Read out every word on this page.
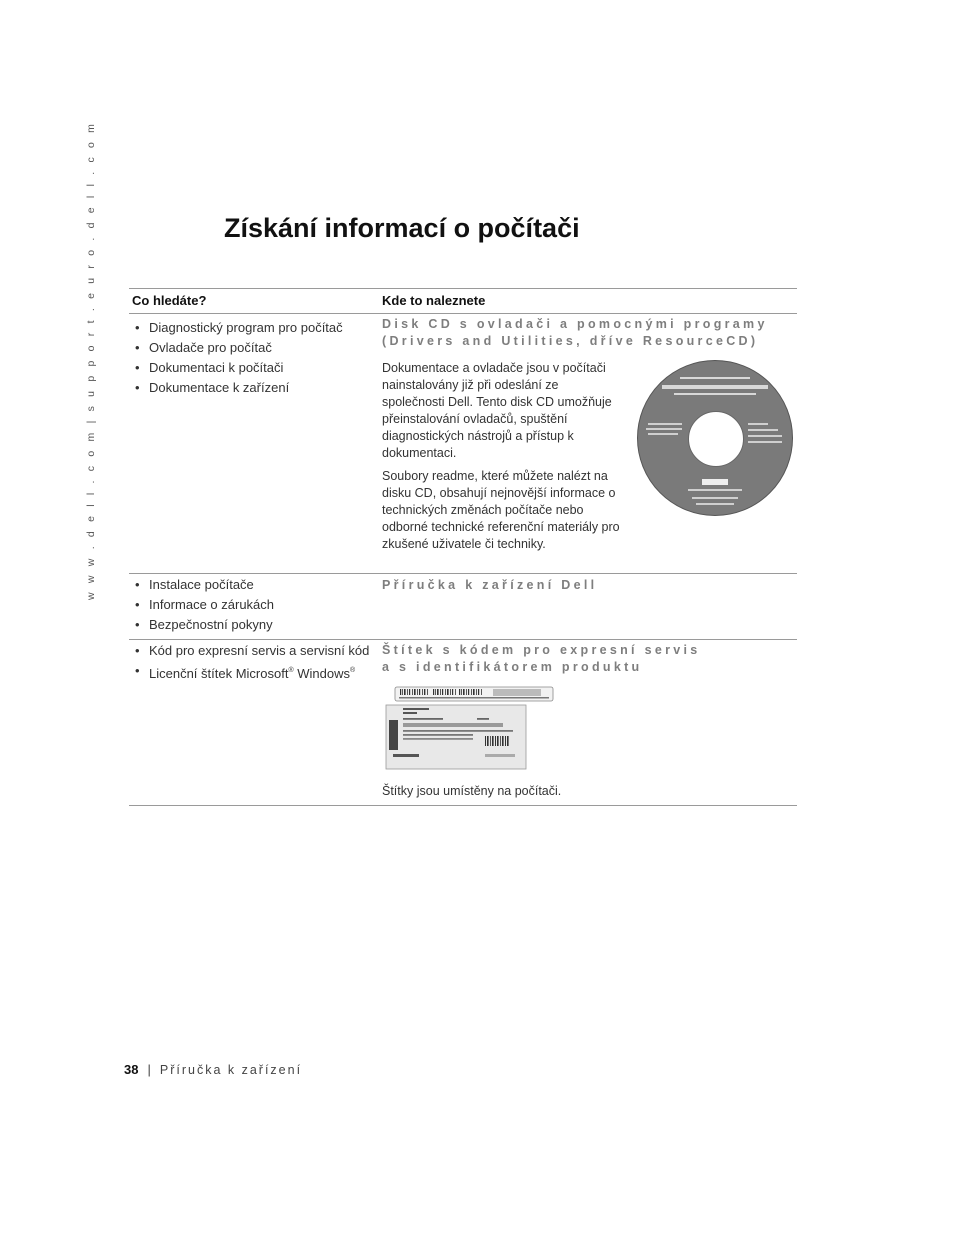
w w w . d e l l . c o m | s u p p o r t . e u r o . d e l l . c o m	Získání informací o počítači
Co hledáte?	Kde to naleznete
• Diagnostický program pro počítač
• Ovladače pro počítač
• Dokumentaci k počítači
• Dokumentace k zařízení

Disk CD s ovladači a pomocnými programy

(Drivers and Utilities, dříve ResourceCD)

Dokumentace a ovladače jsou v počítači nainstalovány již při odeslání ze společnosti Dell. Tento disk CD umožňuje přeinstalování ovladačů, spuštění diagnostických nástrojů a přístup k dokumentaci.

Soubory readme, které můžete nalézt na disku CD, obsahují nejnovější informace o technických změnách počítače nebo odborné technické referenční materiály pro zkušené uživatele či techniky.

• Instalace počítače
• Informace o zárukách
• Bezpečnostní pokyny

Příručka k zařízení Dell

• Kód pro expresní servis a servisní kód
• Licenční štítek Microsoft® Windows®

Štítek s kódem pro expresní servis

a s identifikátorem produktu

Štítky jsou umístěny na počítači.

38 | Příručka k zařízení
